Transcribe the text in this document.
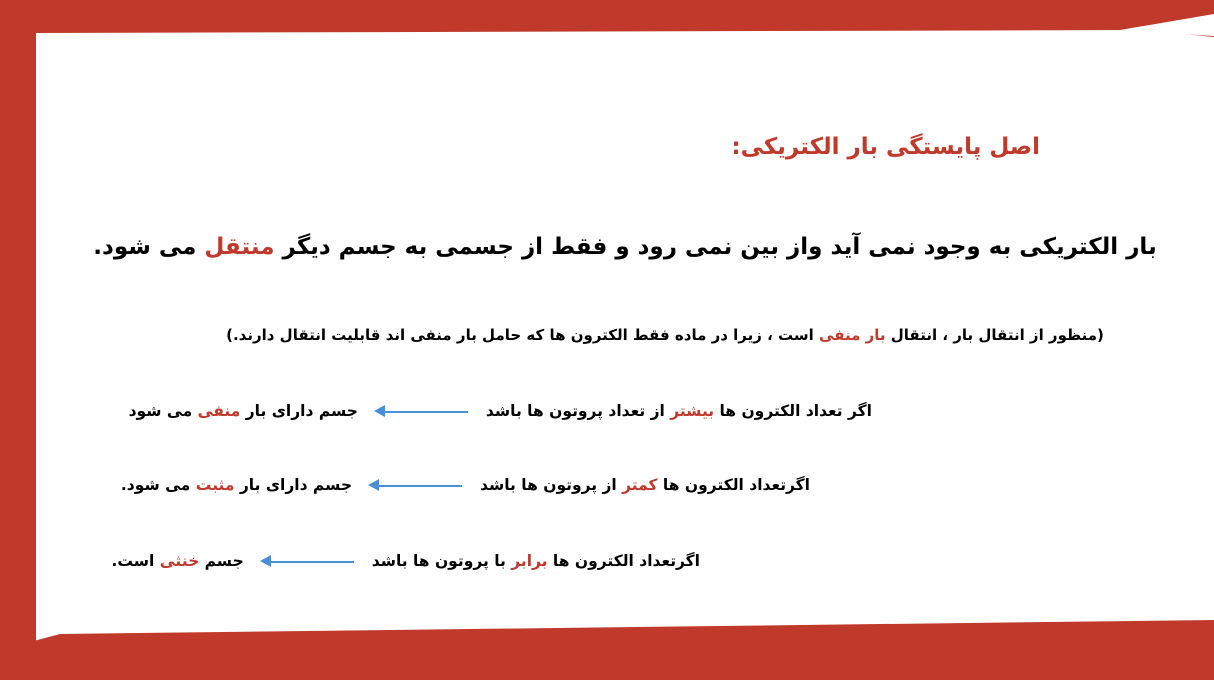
اصل پایستگی بار الکتریکی:
بار الکتریکی به وجود نمی آید واز بین نمی رود و فقط از جسمی به جسم دیگر منتقل می شود.
(منظور از انتقال بار ، انتقال بار منفی است ، زیرا در ماده فقط الکترون ها که حامل بار منفی اند قابلیت انتقال دارند.)
اگر تعداد الکترون ها بیشتر از تعداد پروتون ها باشد
جسم دارای بار منفی می شود
اگرتعداد الکترون ها کمتر از پروتون ها باشد
جسم دارای بار مثبت می شود.
اگرتعداد الکترون ها برابر با پروتون ها باشد
جسم خنثی است.
